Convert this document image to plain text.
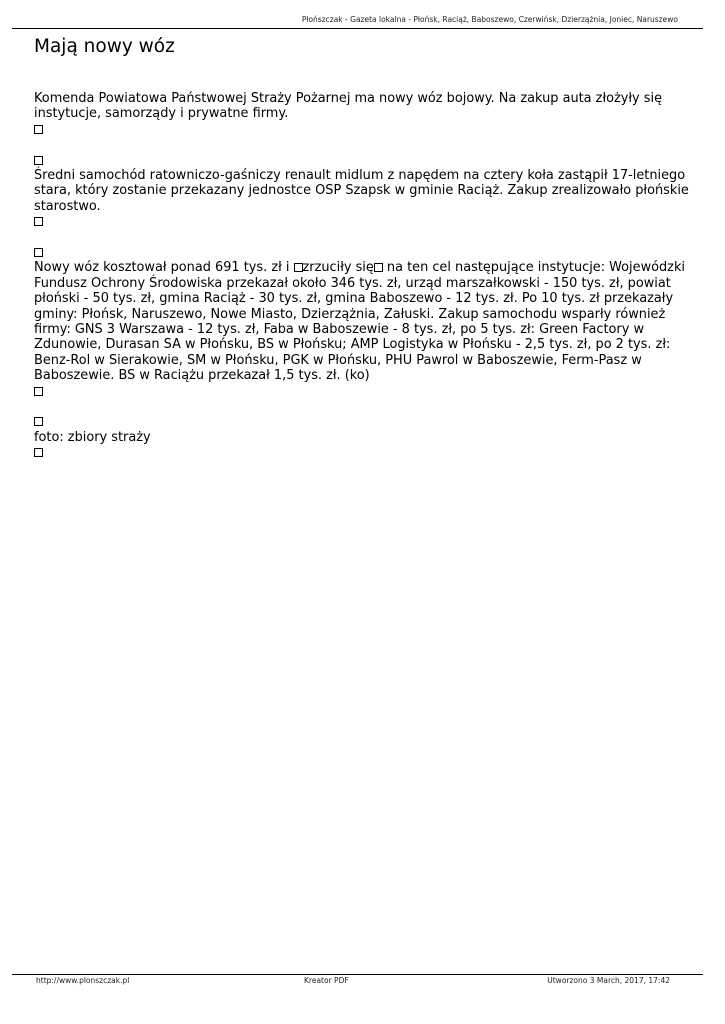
Płońszczak - Gazeta lokalna - Płońsk, Raciąż, Baboszewo, Czerwińsk, Dzierzążnia, Joniec, Naruszewo
Mają nowy wóz

Komenda Powiatowa Państwowej Straży Pożarnej ma nowy wóz bojowy. Na zakup auta złożyły się instytucje, samorządy i prywatne firmy.

Średni samochód ratowniczo-gaśniczy renault midlum z napędem na cztery koła zastąpił 17-letniego stara, który zostanie przekazany jednostce OSP Szapsk w gminie Raciąż. Zakup zrealizowało płońskie starostwo.

Nowy wóz kosztował ponad 691 tys. zł i zrzuciły się na ten cel następujące instytucje: Wojewódzki Fundusz Ochrony Środowiska przekazał około 346 tys. zł, urząd marszałkowski - 150 tys. zł, powiat płoński - 50 tys. zł, gmina Raciąż - 30 tys. zł, gmina Baboszewo - 12 tys. zł. Po 10 tys. zł przekazały gminy: Płońsk, Naruszewo, Nowe Miasto, Dzierzążnia, Załuski. Zakup samochodu wsparły również firmy: GNS 3 Warszawa - 12 tys. zł, Faba w Baboszewie - 8 tys. zł, po 5 tys. zł: Green Factory w Zdunowie, Durasan SA w Płońsku, BS w Płońsku; AMP Logistyka w Płońsku - 2,5 tys. zł, po 2 tys. zł: Benz-Rol w Sierakowie, SM w Płońsku, PGK w Płońsku, PHU Pawrol w Baboszewie, Ferm-Pasz w Baboszewie. BS w Raciążu przekazał 1,5 tys. zł. (ko)

foto: zbiory straży

http://www.plonszczak.pl	Kreator PDF	Utworzono 3 March, 2017, 17:42
